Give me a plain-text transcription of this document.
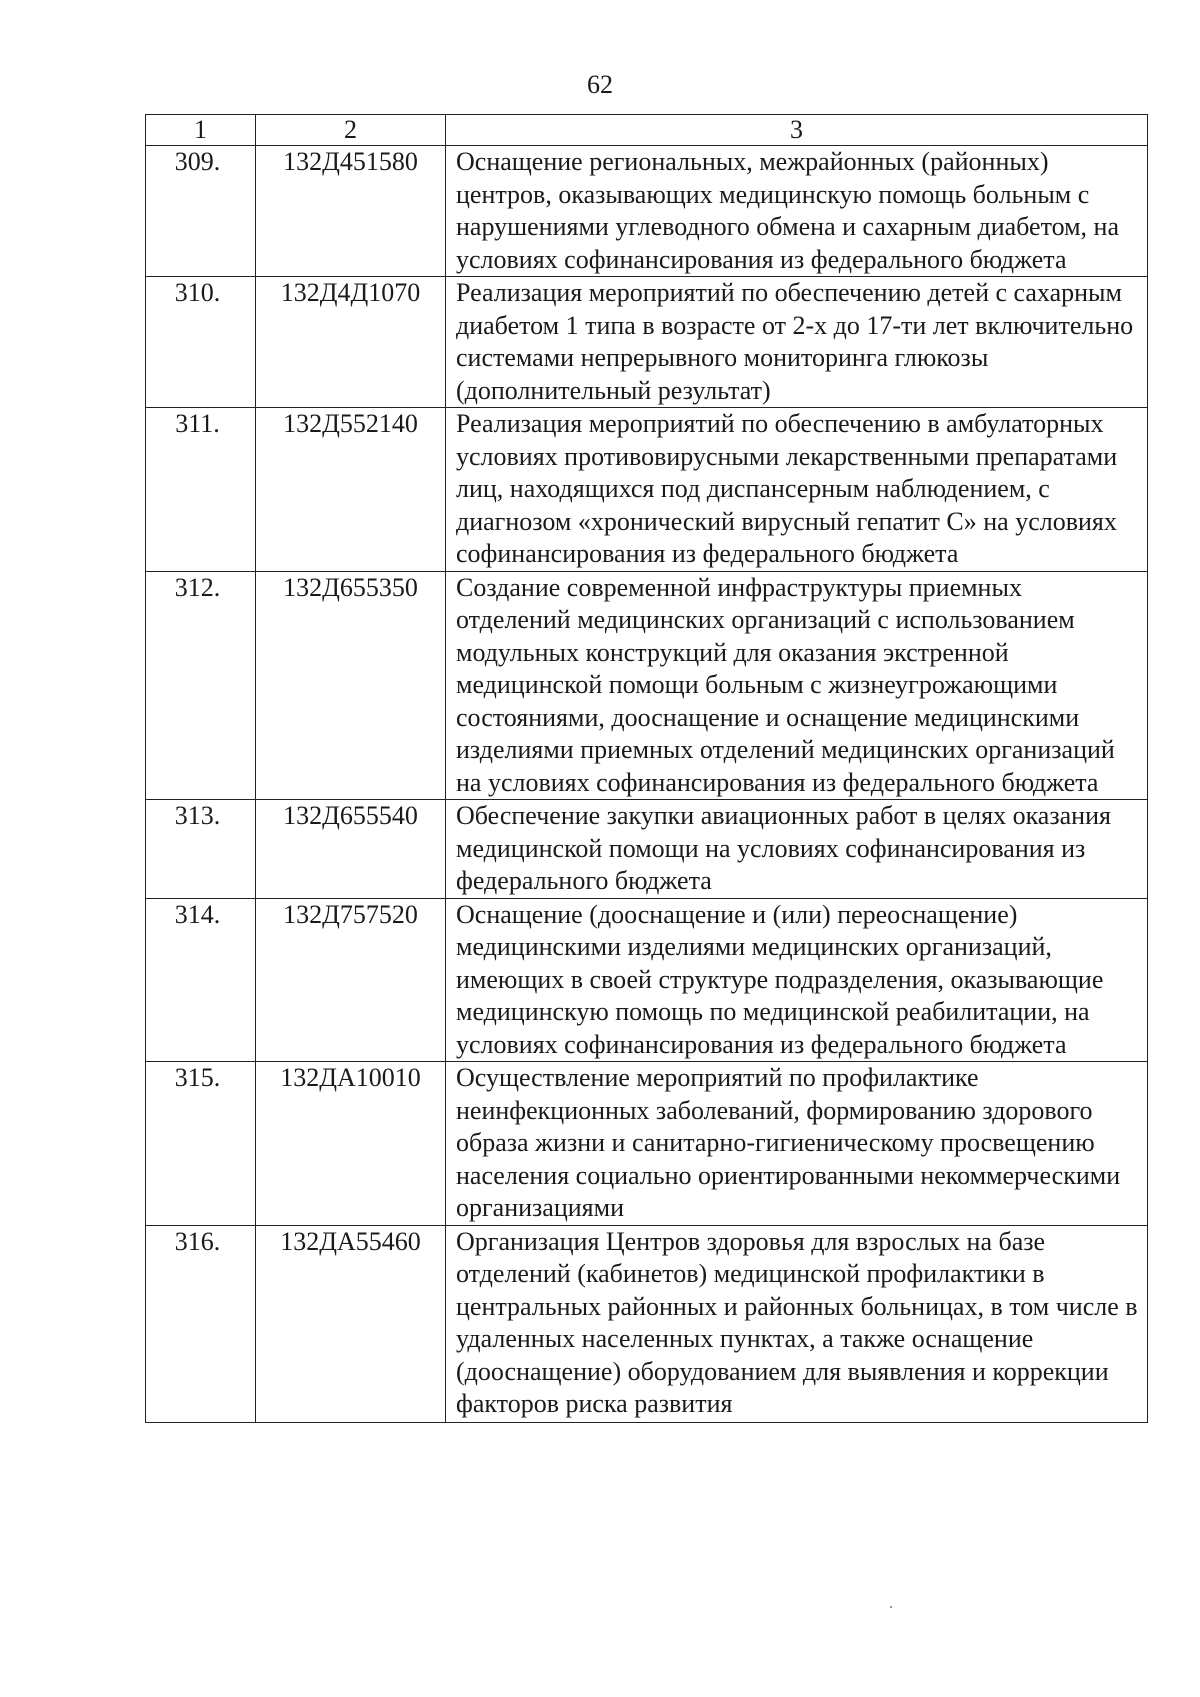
62
1	2	3
309.	132Д451580	Оснащение региональных, межрайонных (районных) центров, оказывающих медицинскую помощь больным с нарушениями углеводного обмена и сахарным диабетом, на условиях софинансирования из федерального бюджета
310.	132Д4Д1070	Реализация мероприятий по обеспечению детей с сахарным диабетом 1 типа в возрасте от 2-х до 17-ти лет включительно системами непрерывного мониторинга глюкозы (дополнительный результат)
311.	132Д552140	Реализация мероприятий по обеспечению в амбулаторных условиях противовирусными лекарственными препаратами лиц, находящихся под диспансерным наблюдением, с диагнозом «хронический вирусный гепатит С» на условиях софинансирования из федерального бюджета
312.	132Д655350	Создание современной инфраструктуры приемных отделений медицинских организаций с использованием модульных конструкций для оказания экстренной медицинской помощи больным с жизнеугрожающими состояниями, дооснащение и оснащение медицинскими изделиями приемных отделений медицинских организаций на условиях софинансирования из федерального бюджета
313.	132Д655540	Обеспечение закупки авиационных работ в целях оказания медицинской помощи на условиях софинансирования из федерального бюджета
314.	132Д757520	Оснащение (дооснащение и (или) переоснащение) медицинскими изделиями медицинских организаций, имеющих в своей структуре подразделения, оказывающие медицинскую помощь по медицинской реабилитации, на условиях софинансирования из федерального бюджета
315.	132ДА10010	Осуществление мероприятий по профилактике неинфекционных заболеваний, формированию здорового образа жизни и санитарно-гигиеническому просвещению населения социально ориентированными некоммерческими организациями
316.	132ДА55460	Организация Центров здоровья для взрослых на базе отделений (кабинетов) медицинской профилактики в центральных районных и районных больницах, в том числе в удаленных населенных пунктах, а также оснащение (дооснащение) оборудованием для выявления и коррекции факторов риска развития
